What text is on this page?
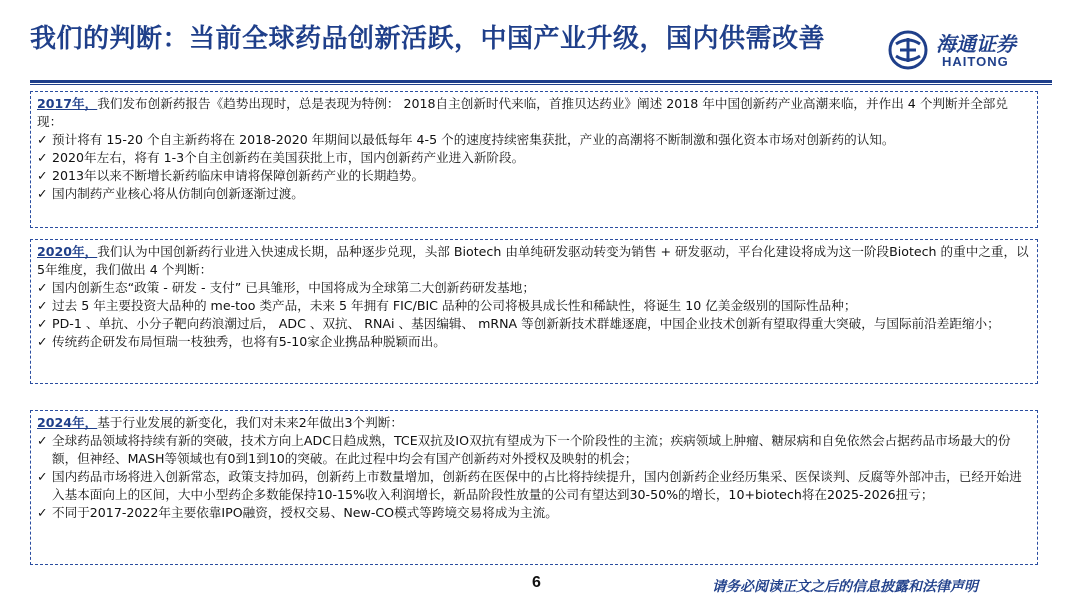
我们的判断：当前全球药品创新活跃，中国产业升级，国内供需改善	海通证券
HAITONG

2017年，我们发布创新药报告《趋势出现时，总是表现为特例： 2018自主创新时代来临，首推贝达药业》阐述 2018 年中国创新药产业高潮来临，并作出 4 个判断并全部兑现：

✓ 预计将有 15-20 个自主新药将在 2018-2020 年期间以最低每年 4-5 个的速度持续密集获批，产业的高潮将不断制激和强化资本市场对创新药的认知。

✓ 2020年左右，将有 1-3个自主创新药在美国获批上市，国内创新药产业进入新阶段。

✓ 2013年以来不断增长新药临床申请将保障创新药产业的长期趋势。

✓ 国内制药产业核心将从仿制向创新逐渐过渡。

2020年，我们认为中国创新药行业进入快速成长期，品种逐步兑现，头部 Biotech 由单纯研发驱动转变为销售 + 研发驱动，平台化建设将成为这一阶段Biotech 的重中之重，以5年维度，我们做出 4 个判断：

✓ 国内创新生态“政策 - 研发 - 支付” 已具雏形，中国将成为全球第二大创新药研发基地；

✓ 过去 5 年主要投资大品种的 me-too 类产品，未来 5 年拥有 FIC/BIC 品种的公司将极具成长性和稀缺性，将诞生 10 亿美金级别的国际性品种；

✓ PD-1 、单抗、小分子靶向药浪潮过后， ADC 、双抗、 RNAi 、基因编辑、 mRNA 等创新新技术群雄逐鹿，中国企业技术创新有望取得重大突破，与国际前沿差距缩小；

✓ 传统药企研发布局恒瑞一枝独秀，也将有5-10家企业携品种脱颖而出。

2024年，基于行业发展的新变化，我们对未来2年做出3个判断：

✓ 全球药品领域将持续有新的突破，技术方向上ADC日趋成熟，TCE双抗及IO双抗有望成为下一个阶段性的主流；疾病领域上肿瘤、糖尿病和自免依然会占据药品市场最大的份额，但神经、MASH等领域也有0到1到10的突破。在此过程中均会有国产创新药对外授权及映射的机会；

✓ 国内药品市场将进入创新常态，政策支持加码，创新药上市数量增加，创新药在医保中的占比将持续提升，国内创新药企业经历集采、医保谈判、反腐等外部冲击，已经开始进入基本面向上的区间，大中小型药企多数能保持10-15%收入利润增长，新品阶段性放量的公司有望达到30-50%的增长，10+biotech将在2025-2026扭亏；

✓ 不同于2017-2022年主要依靠IPO融资，授权交易、New-CO模式等跨境交易将成为主流。

6	请务必阅读正文之后的信息披露和法律声明
